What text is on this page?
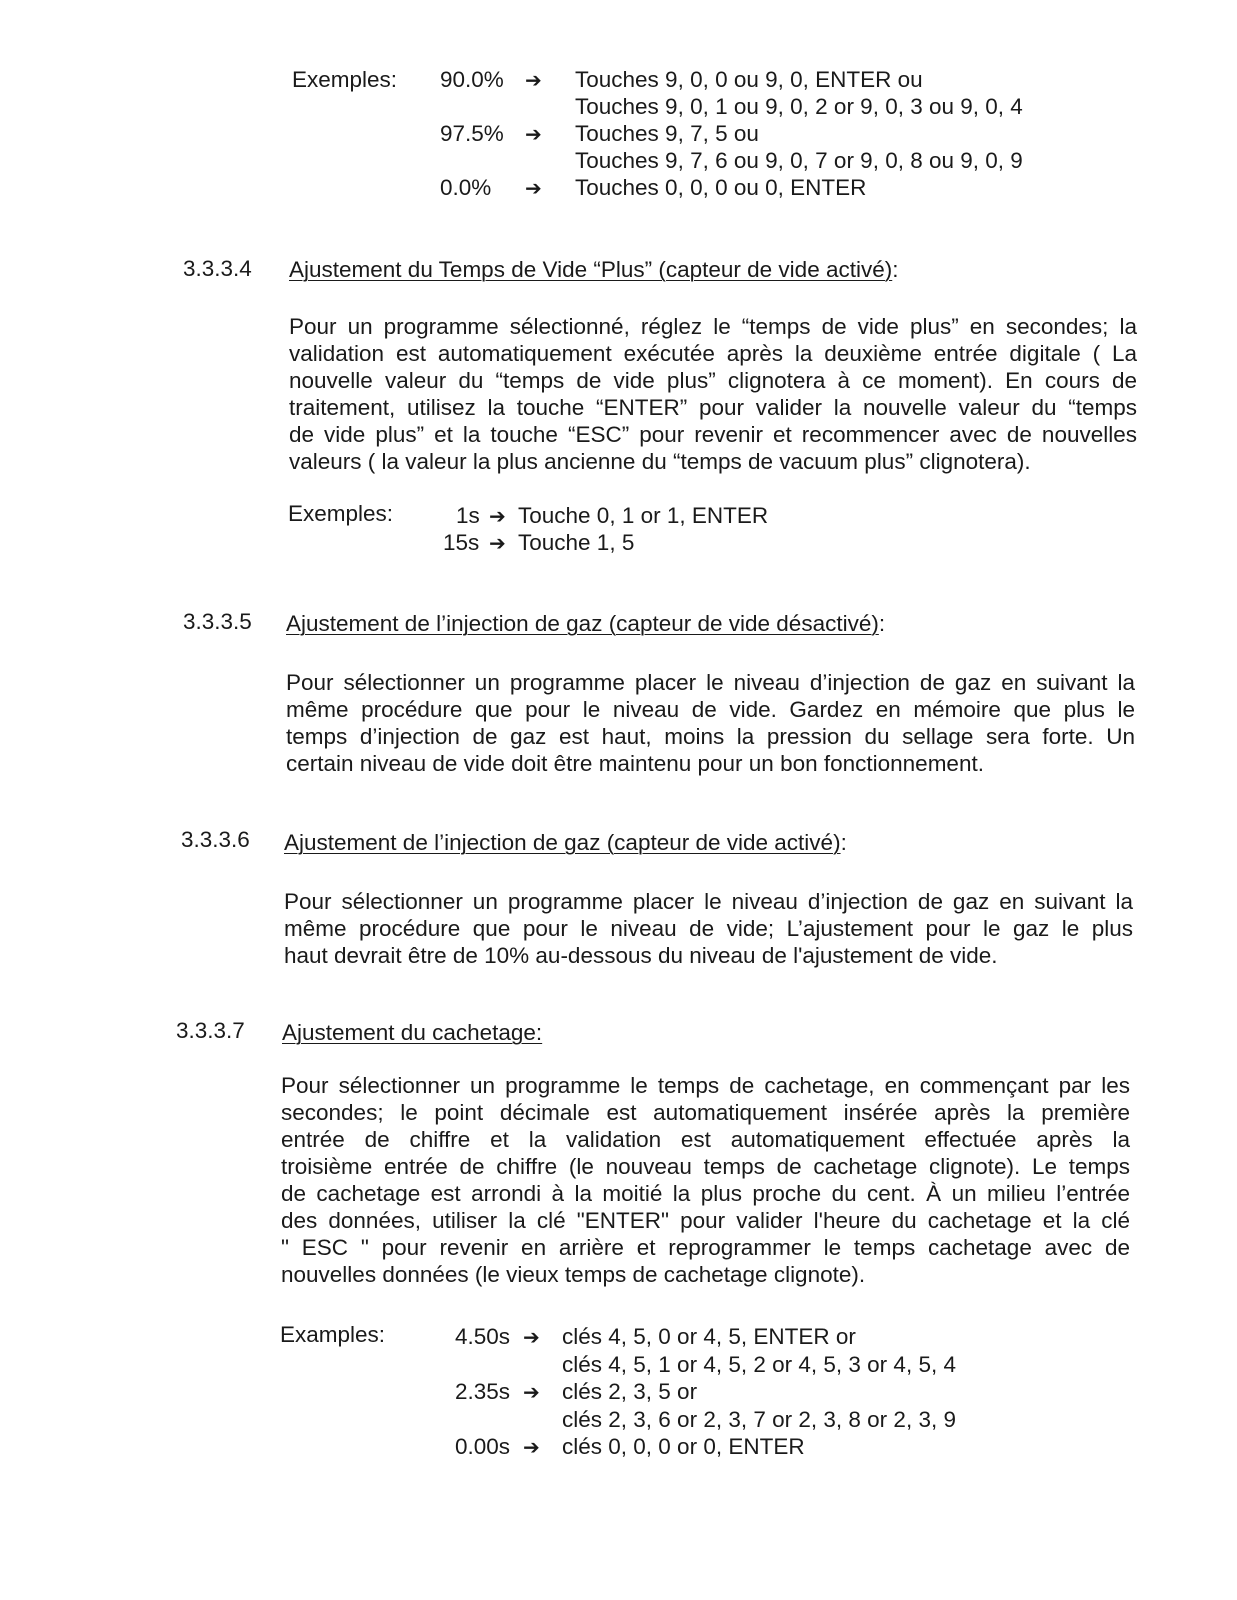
Exemples: 90.0% ➔ Touches 9, 0, 0 ou 9, 0, ENTER ou
Touches 9, 0, 1 ou 9, 0, 2 or 9, 0, 3 ou 9, 0, 4
97.5% ➔ Touches 9, 7, 5 ou
Touches 9, 7, 6 ou 9, 0, 7 or 9, 0, 8 ou 9, 0, 9
0.0% ➔ Touches 0, 0, 0 ou 0, ENTER
3.3.3.4 Ajustement du Temps de Vide “Plus” (capteur de vide activé):
Pour un programme sélectionné, réglez le “temps de vide plus” en secondes; la
validation est automatiquement exécutée après la deuxième entrée digitale ( La
nouvelle valeur du “temps de vide plus” clignotera à ce moment). En cours de
traitement, utilisez la touche “ENTER” pour valider la nouvelle valeur du “temps
de vide plus” et la touche “ESC” pour revenir et recommencer avec de nouvelles
valeurs ( la valeur la plus ancienne du “temps de vacuum plus” clignotera).
Exemples:	1s ➔ Touche 0, 1 or 1, ENTER
15s ➔ Touche 1, 5
3.3.3.5 Ajustement de l’injection de gaz (capteur de vide désactivé):
Pour sélectionner un programme placer le niveau d’injection de gaz en suivant la
même procédure que pour le niveau de vide. Gardez en mémoire que plus le
temps d’injection de gaz est haut, moins la pression du sellage sera forte. Un
certain niveau de vide doit être maintenu pour un bon fonctionnement.
3.3.3.6 Ajustement de l’injection de gaz (capteur de vide activé):
Pour sélectionner un programme placer le niveau d’injection de gaz en suivant la
même procédure que pour le niveau de vide; L’ajustement pour le gaz le plus
haut devrait être de 10% au-dessous du niveau de l'ajustement de vide.
3.3.3.7 Ajustement du cachetage:
Pour sélectionner un programme le temps de cachetage, en commençant par les
secondes; le point décimale est automatiquement insérée après la première
entrée de chiffre et la validation est automatiquement effectuée après la
troisième entrée de chiffre (le nouveau temps de cachetage clignote). Le temps
de cachetage est arrondi à la moitié la plus proche du cent. À un milieu l’entrée
des données, utiliser la clé "ENTER" pour valider l'heure du cachetage et la clé
" ESC " pour revenir en arrière et reprogrammer le temps cachetage avec de
nouvelles données (le vieux temps de cachetage clignote).
Examples:	4.50s ➔ clés 4, 5, 0 or 4, 5, ENTER or
clés 4, 5, 1 or 4, 5, 2 or 4, 5, 3 or 4, 5, 4
2.35s ➔ clés 2, 3, 5 or
clés 2, 3, 6 or 2, 3, 7 or 2, 3, 8 or 2, 3, 9
0.00s ➔ clés 0, 0, 0 or 0, ENTER
